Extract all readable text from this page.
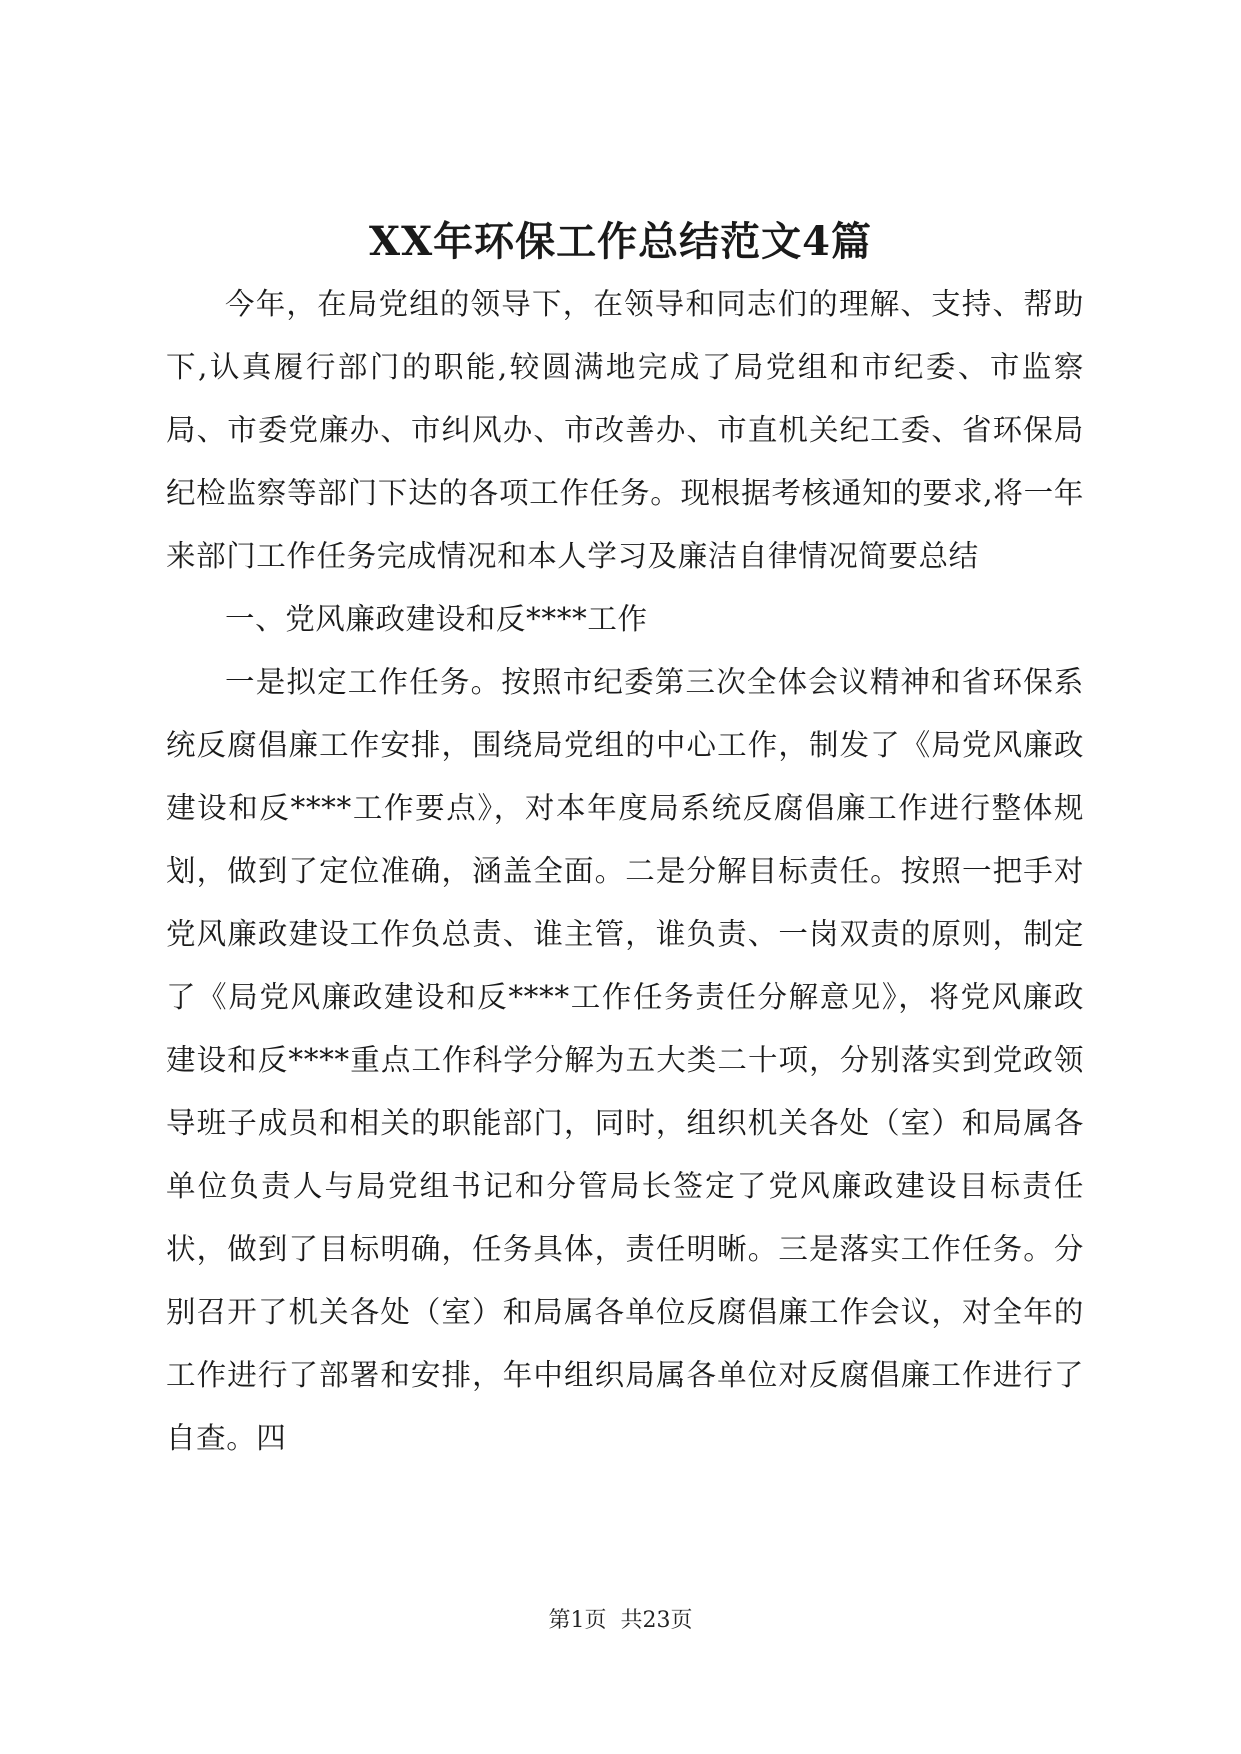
XX年环保工作总结范文4篇

今年，在局党组的领导下，在领导和同志们的理解、支持、帮助下,认真履行部门的职能,较圆满地完成了局党组和市纪委、市监察局、市委党廉办、市纠风办、市改善办、市直机关纪工委、省环保局纪检监察等部门下达的各项工作任务。现根据考核通知的要求,将一年来部门工作任务完成情况和本人学习及廉洁自律情况简要总结

一、党风廉政建设和反****工作

一是拟定工作任务。按照市纪委第三次全体会议精神和省环保系统反腐倡廉工作安排，围绕局党组的中心工作，制发了《局党风廉政建设和反****工作要点》，对本年度局系统反腐倡廉工作进行整体规划，做到了定位准确，涵盖全面。二是分解目标责任。按照一把手对党风廉政建设工作负总责、谁主管，谁负责、一岗双责的原则，制定了《局党风廉政建设和反****工作任务责任分解意见》，将党风廉政建设和反****重点工作科学分解为五大类二十项，分别落实到党政领导班子成员和相关的职能部门，同时，组织机关各处（室）和局属各单位负责人与局党组书记和分管局长签定了党风廉政建设目标责任状，做到了目标明确，任务具体，责任明晰。三是落实工作任务。分别召开了机关各处（室）和局属各单位反腐倡廉工作会议，对全年的工作进行了部署和安排，年中组织局属各单位对反腐倡廉工作进行了自查。四

第1页  共23页
